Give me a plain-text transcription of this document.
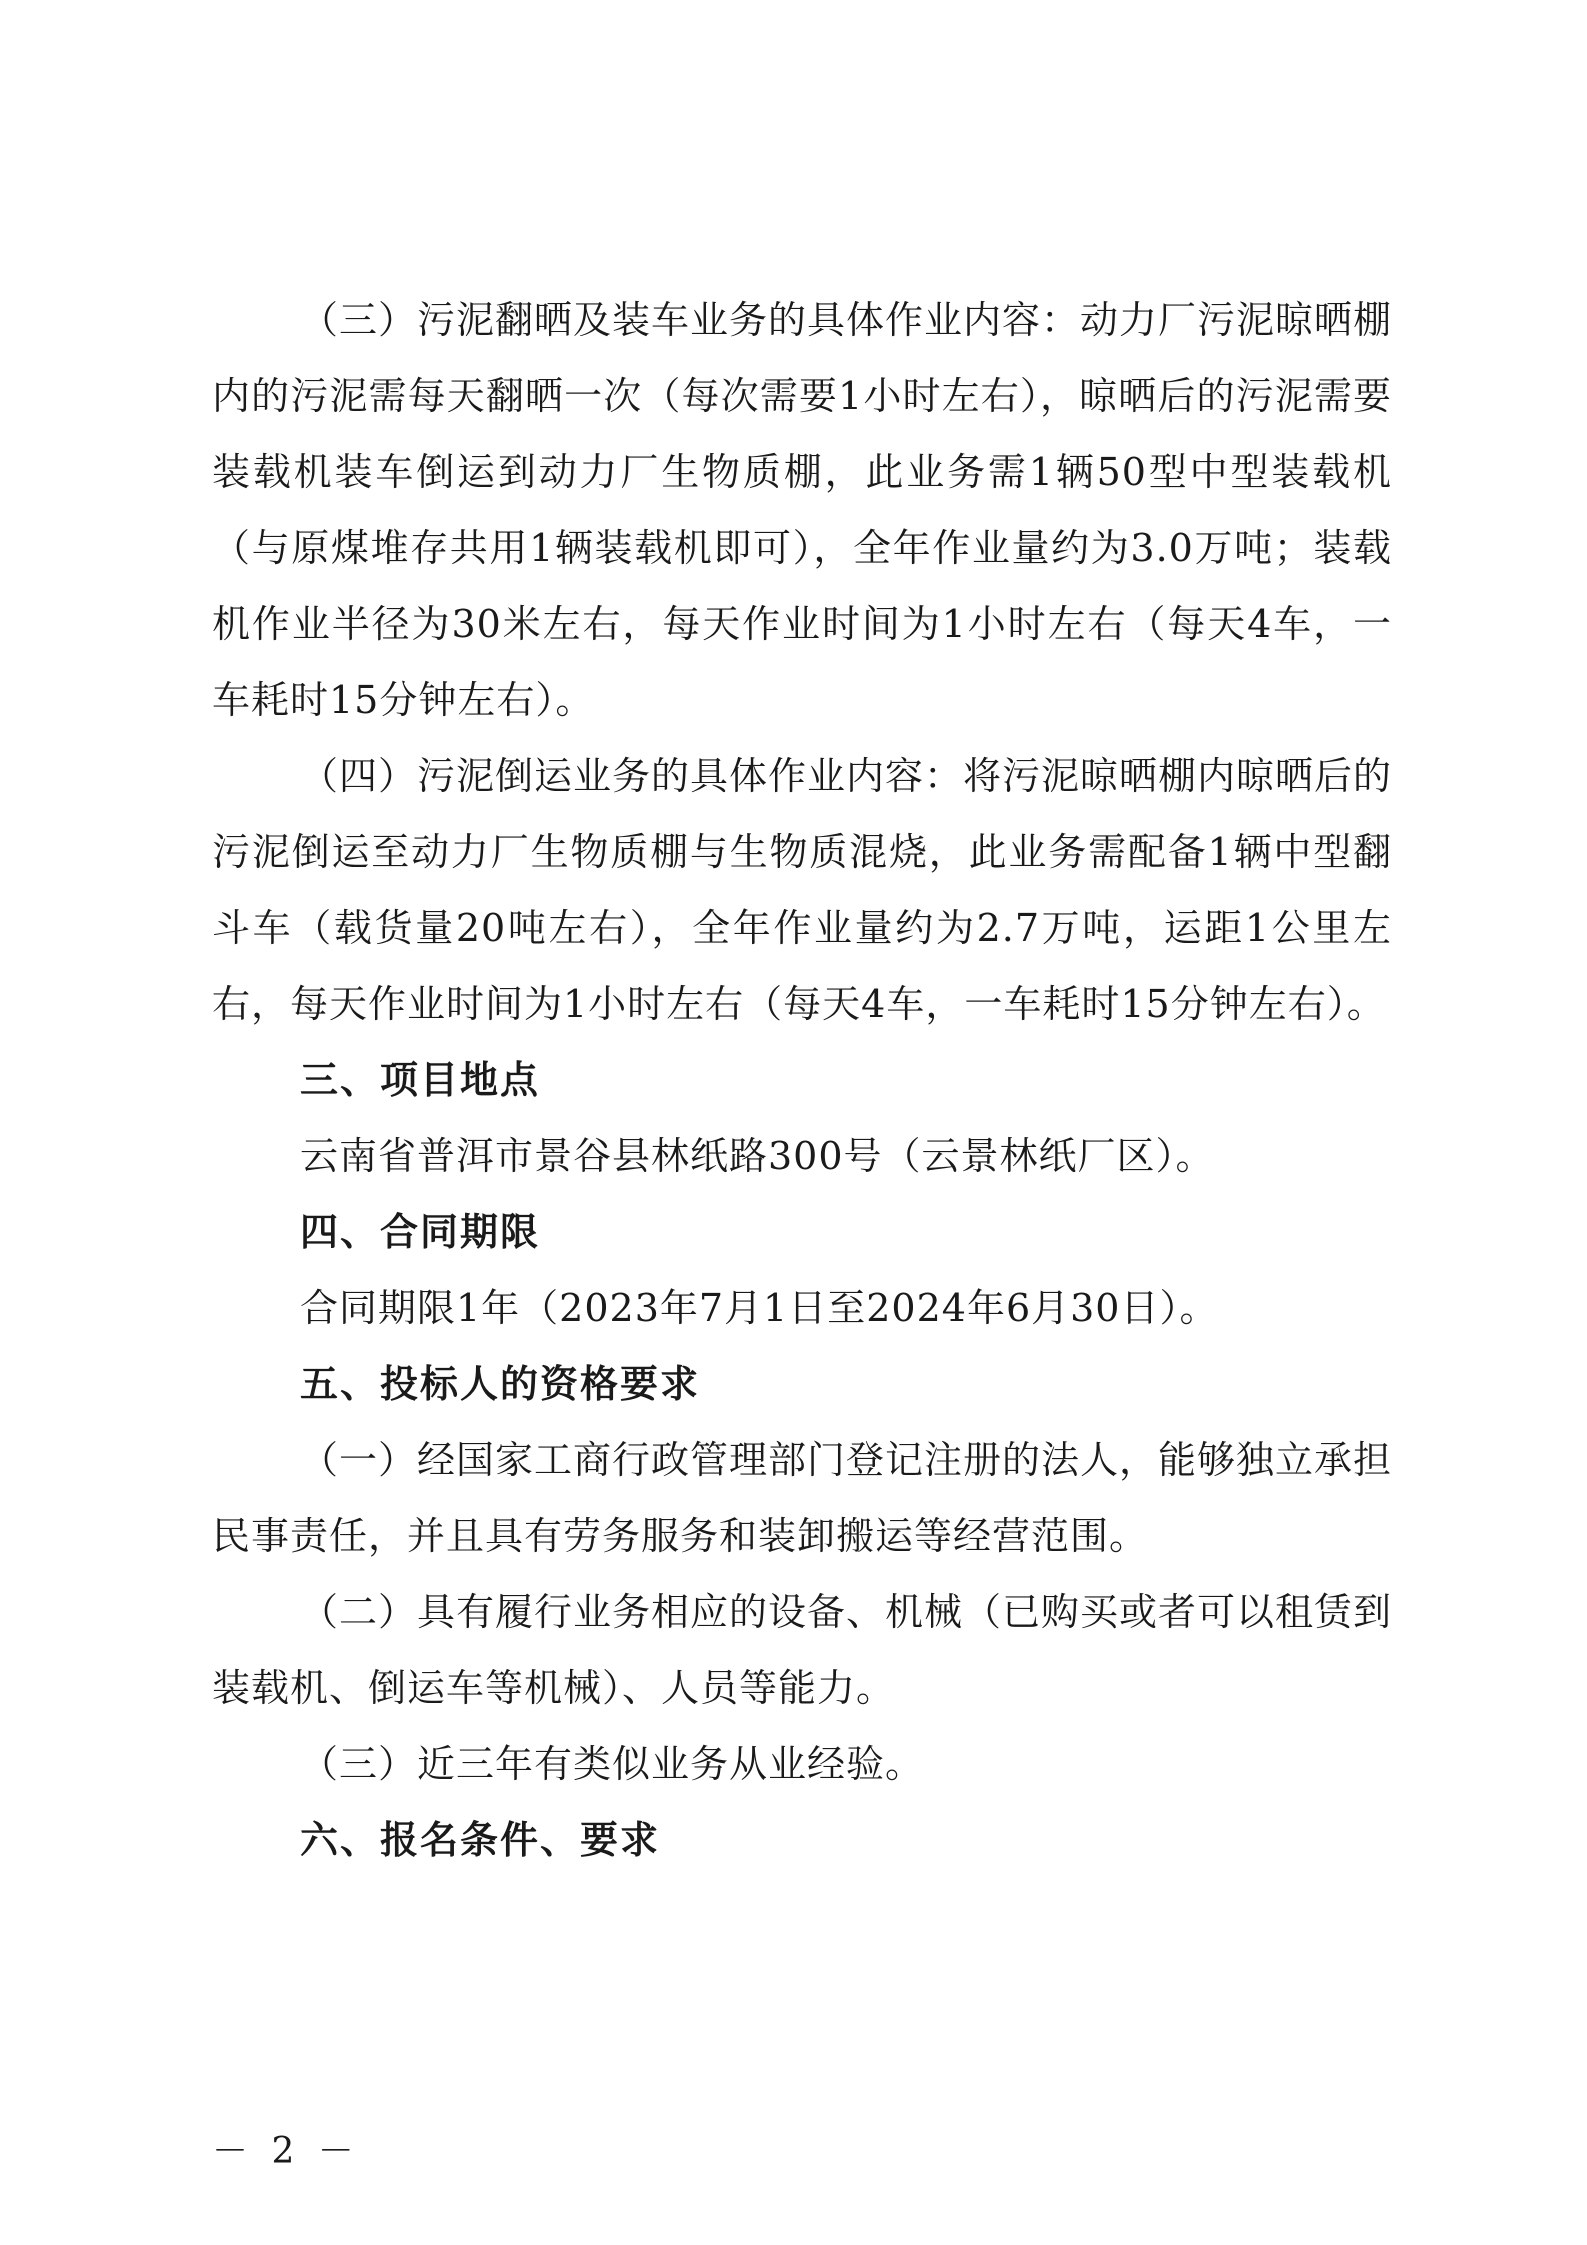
（三）污泥翻晒及装车业务的具体作业内容：动力厂污泥晾晒棚内的污泥需每天翻晒一次（每次需要1小时左右），晾晒后的污泥需要装载机装车倒运到动力厂生物质棚，此业务需1辆50型中型装载机（与原煤堆存共用1辆装载机即可），全年作业量约为3.0万吨；装载机作业半径为30米左右，每天作业时间为1小时左右（每天4车，一车耗时15分钟左右）。

（四）污泥倒运业务的具体作业内容：将污泥晾晒棚内晾晒后的污泥倒运至动力厂生物质棚与生物质混烧，此业务需配备1辆中型翻斗车（载货量20吨左右），全年作业量约为2.7万吨，运距1公里左右，每天作业时间为1小时左右（每天4车，一车耗时15分钟左右）。

三、项目地点

云南省普洱市景谷县林纸路300号（云景林纸厂区）。

四、合同期限

合同期限1年（2023年7月1日至2024年6月30日）。

五、投标人的资格要求

（一）经国家工商行政管理部门登记注册的法人，能够独立承担民事责任，并且具有劳务服务和装卸搬运等经营范围。

（二）具有履行业务相应的设备、机械（已购买或者可以租赁到装载机、倒运车等机械）、人员等能力。

（三）近三年有类似业务从业经验。

六、报名条件、要求

－ 2 －
